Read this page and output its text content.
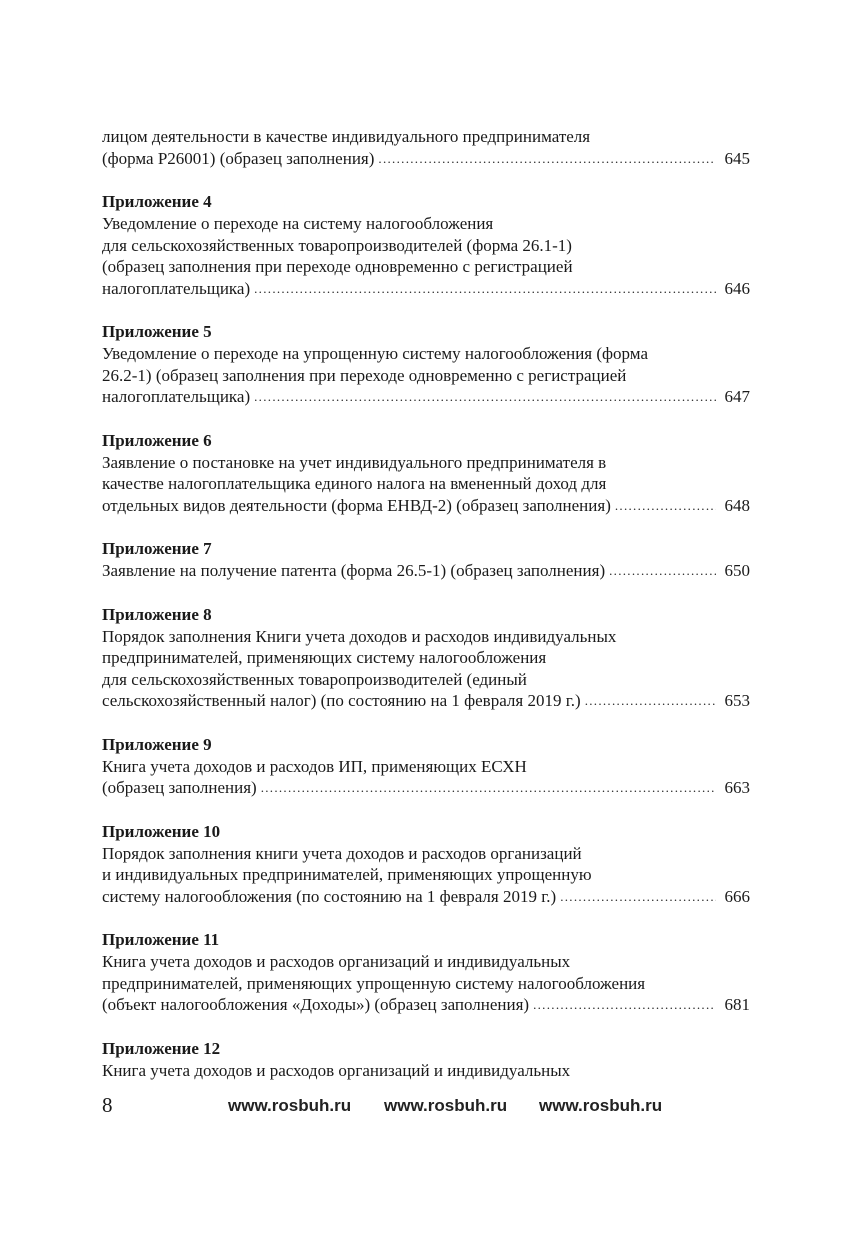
лицом деятельности в качестве индивидуального предпринимателя
(форма Р26001) (образец заполнения) .....	645
Приложение 4
Уведомление о переходе на систему налогообложения
для сельскохозяйственных товаропроизводителей (форма 26.1-1)
(образец заполнения при переходе одновременно с регистрацией
налогоплательщика) .....	646
Приложение 5
Уведомление о переходе на упрощенную систему налогообложения (форма
26.2-1) (образец заполнения при переходе одновременно с регистрацией
налогоплательщика) .....	647
Приложение 6
Заявление о постановке на учет индивидуального предпринимателя в
качестве налогоплательщика единого налога на вмененный доход для
отдельных видов деятельности (форма ЕНВД-2) (образец заполнения) .....	648
Приложение 7
Заявление на получение патента (форма 26.5-1) (образец заполнения) .....	650
Приложение 8
Порядок заполнения Книги учета доходов и расходов индивидуальных
предпринимателей, применяющих систему налогообложения
для сельскохозяйственных товаропроизводителей (единый
сельскохозяйственный налог) (по состоянию на 1 февраля 2019 г.) .....	653
Приложение 9
Книга учета доходов и расходов ИП, применяющих ЕСХН
(образец заполнения) .....	663
Приложение 10
Порядок заполнения книги учета доходов и расходов организаций
и индивидуальных предпринимателей, применяющих упрощенную
систему налогообложения (по состоянию на 1 февраля 2019 г.) .....	666
Приложение 11
Книга учета доходов и расходов организаций и индивидуальных
предпринимателей, применяющих упрощенную систему налогообложения
(объект налогообложения «Доходы») (образец заполнения) .....	681
Приложение 12
Книга учета доходов и расходов организаций и индивидуальных
8	www.rosbuh.ru www.rosbuh.ru www.rosbuh.ru
